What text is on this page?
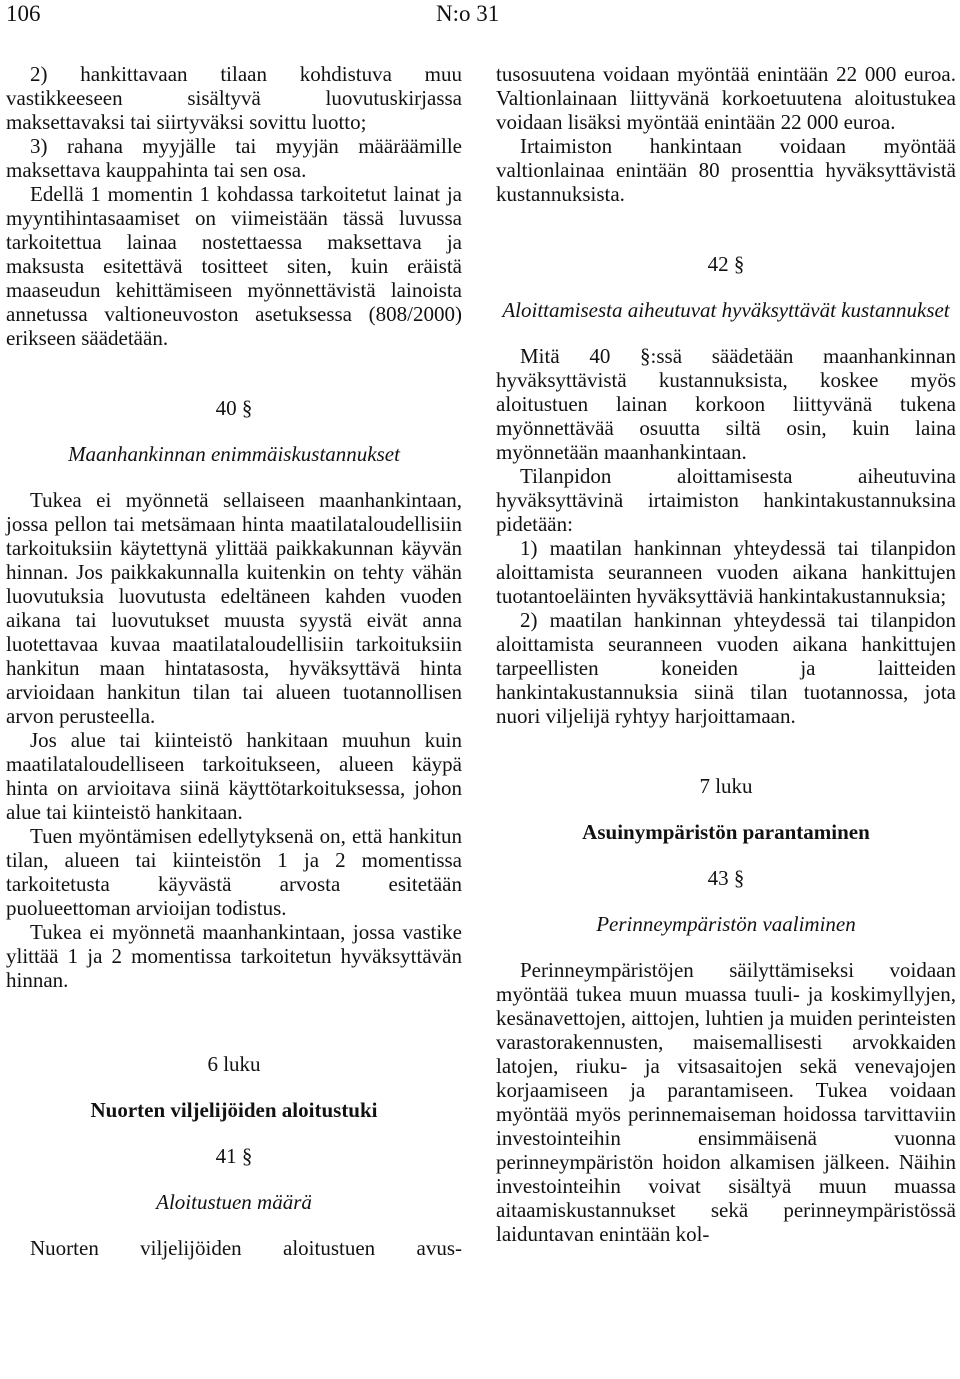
106	N:o 31

2) hankittavaan tilaan kohdistuva muu vastikkeeseen sisältyvä luovutuskirjassa maksettavaksi tai siirtyväksi sovittu luotto;

3) rahana myyjälle tai myyjän määräämille maksettava kauppahinta tai sen osa.

Edellä 1 momentin 1 kohdassa tarkoitetut lainat ja myyntihintasaamiset on viimeistään tässä luvussa tarkoitettua lainaa nostettaessa maksettava ja maksusta esitettävä tositteet siten, kuin eräistä maaseudun kehittämiseen myönnettävistä lainoista annetussa valtioneuvoston asetuksessa (808/2000) erikseen säädetään.

40 §

Maanhankinnan enimmäiskustannukset

Tukea ei myönnetä sellaiseen maanhankintaan, jossa pellon tai metsämaan hinta maatilataloudellisiin tarkoituksiin käytettynä ylittää paikkakunnan käyvän hinnan. Jos paikkakunnalla kuitenkin on tehty vähän luovutuksia luovutusta edeltäneen kahden vuoden aikana tai luovutukset muusta syystä eivät anna luotettavaa kuvaa maatilataloudellisiin tarkoituksiin hankitun maan hintatasosta, hyväksyttävä hinta arvioidaan hankitun tilan tai alueen tuotannollisen arvon perusteella.

Jos alue tai kiinteistö hankitaan muuhun kuin maatilataloudelliseen tarkoitukseen, alueen käypä hinta on arvioitava siinä käyttötarkoituksessa, johon alue tai kiinteistö hankitaan.

Tuen myöntämisen edellytyksenä on, että hankitun tilan, alueen tai kiinteistön 1 ja 2 momentissa tarkoitetusta käyvästä arvosta esitetään puolueettoman arvioijan todistus.

Tukea ei myönnetä maanhankintaan, jossa vastike ylittää 1 ja 2 momentissa tarkoitetun hyväksyttävän hinnan.

6 luku

Nuorten viljelijöiden aloitustuki

41 §

Aloitustuen määrä

Nuorten viljelijöiden aloitustuen avus-

tusosuutena voidaan myöntää enintään 22 000 euroa. Valtionlainaan liittyvänä korkoetuutena aloitustukea voidaan lisäksi myöntää enintään 22 000 euroa.

Irtaimiston hankintaan voidaan myöntää valtionlainaa enintään 80 prosenttia hyväksyttävistä kustannuksista.

42 §

Aloittamisesta aiheutuvat hyväksyttävät kustannukset

Mitä 40 §:ssä säädetään maanhankinnan hyväksyttävistä kustannuksista, koskee myös aloitustuen lainan korkoon liittyvänä tukena myönnettävää osuutta siltä osin, kuin laina myönnetään maanhankintaan.

Tilanpidon aloittamisesta aiheutuvina hyväksyttävinä irtaimiston hankintakustannuksina pidetään:

1) maatilan hankinnan yhteydessä tai tilanpidon aloittamista seuranneen vuoden aikana hankittujen tuotantoeläinten hyväksyttäviä hankintakustannuksia;

2) maatilan hankinnan yhteydessä tai tilanpidon aloittamista seuranneen vuoden aikana hankittujen tarpeellisten koneiden ja laitteiden hankintakustannuksia siinä tilan tuotannossa, jota nuori viljelijä ryhtyy harjoittamaan.

7 luku

Asuinympäristön parantaminen

43 §

Perinneympäristön vaaliminen

Perinneympäristöjen säilyttämiseksi voidaan myöntää tukea muun muassa tuuli- ja koskimyllyjen, kesänavettojen, aittojen, luhtien ja muiden perinteisten varastorakennusten, maisemallisesti arvokkaiden latojen, riuku- ja vitsasaitojen sekä venevajojen korjaamiseen ja parantamiseen. Tukea voidaan myöntää myös perinnemaiseman hoidossa tarvittaviin investointeihin ensimmäisenä vuonna perinneympäristön hoidon alkamisen jälkeen. Näihin investointeihin voivat sisältyä muun muassa aitaamiskustannukset sekä perinneympäristössä laiduntavan enintään kol-
